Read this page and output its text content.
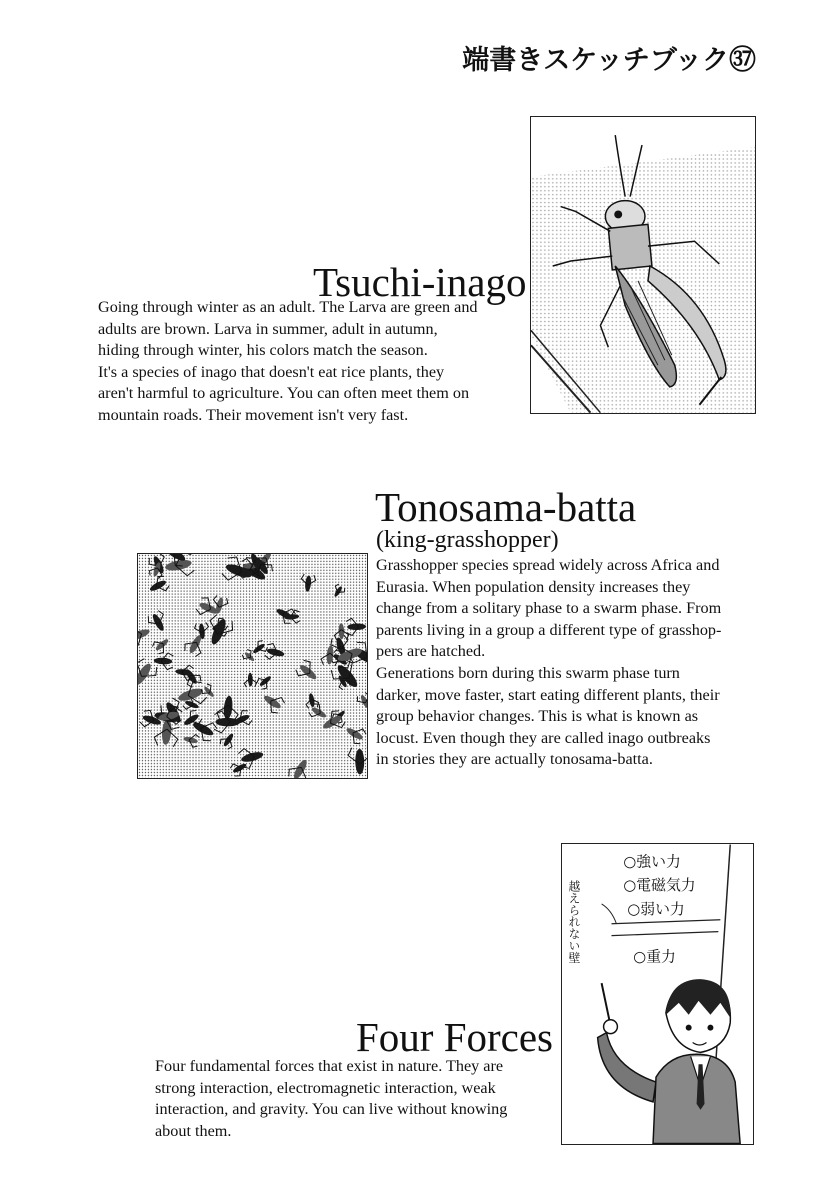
端書きスケッチブック㊲
Tsuchi-inago
Going through winter as an adult. The Larva are green and
adults are brown. Larva in summer, adult in autumn,
hiding through winter, his colors match the season.
It's a species of inago that doesn't eat rice plants, they
aren't harmful to agriculture. You can often meet them on
mountain roads. Their movement isn't very fast.
Tonosama-batta
(king-grasshopper)
Grasshopper species spread widely across Africa and
Eurasia. When population density increases they
change from a solitary phase to a swarm phase. From
parents living in a group a different type of grasshop-
pers are hatched.
Generations born during this swarm phase turn
darker, move faster, start eating different plants, their
group behavior changes. This is what is known as
locust. Even though they are called inago outbreaks
in stories they are actually tonosama-batta.
Four Forces
Four fundamental forces that exist in nature. They are
strong interaction, electromagnetic interaction, weak
interaction, and gravity. You can live without knowing
about them.
○強い力
○電磁気力
○弱い力
○重力
越えられない壁
